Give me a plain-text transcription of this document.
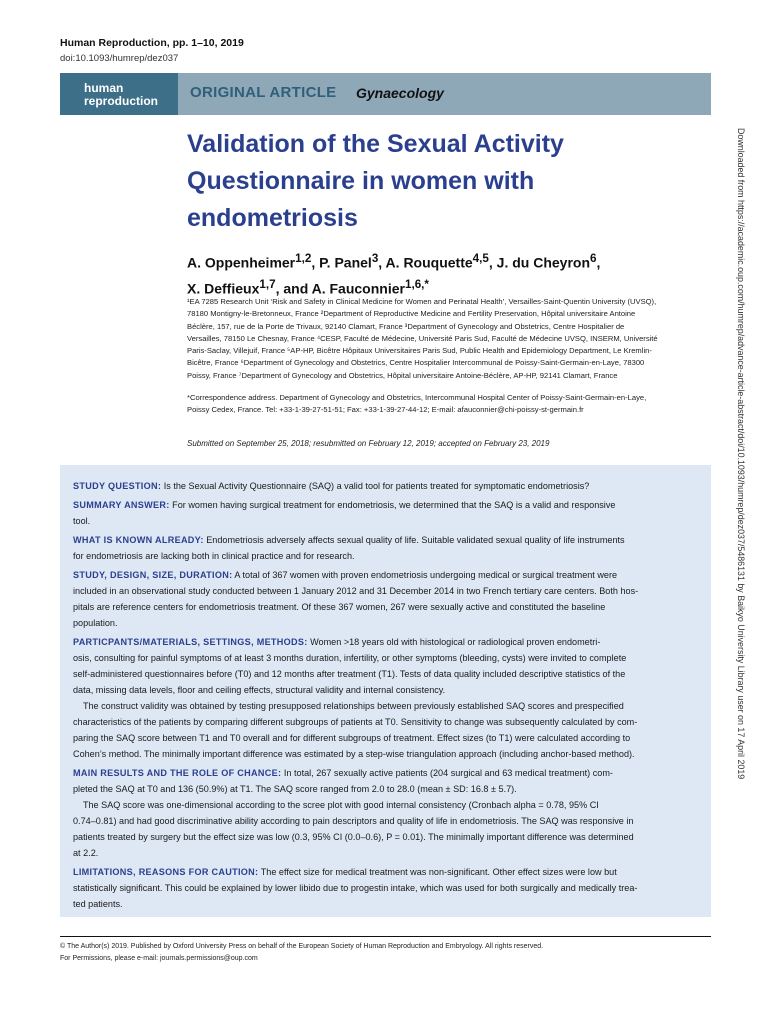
Human Reproduction, pp. 1–10, 2019
doi:10.1093/humrep/dez037
human
reproduction ORIGINAL ARTICLE Gynaecology
Validation of the Sexual Activity
Questionnaire in women with
endometriosis
A. Oppenheimer$^{1,2}$, P. Panel$^3$, A. Rouquette$^{4,5}$, J. du Cheyron$^6$,
X. Deffieux$^{1,7}$, and A. Fauconnier$^{1,6,*}$
¹EA 7285 Research Unit ‘Risk and Safety in Clinical Medicine for Women and Perinatal Health’, Versailles-Saint-Quentin University (UVSQ),
78180 Montigny-le-Bretonneux, France ²Department of Reproductive Medicine and Fertility Preservation, Hôpital universitaire Antoine
Béclère, 157, rue de la Porte de Trivaux, 92140 Clamart, France ³Department of Gynecology and Obstetrics, Centre Hospitalier de
Versailles, 78150 Le Chesnay, France ⁴CESP, Faculté de Médecine, Université Paris Sud, Faculté de Médecine UVSQ, INSERM, Université
Paris-Saclay, Villejuif, France ⁵AP-HP, Bicêtre Hôpitaux Universitaires Paris Sud, Public Health and Epidemiology Department, Le Kremlin-
Bicêtre, France ⁶Department of Gynecology and Obstetrics, Centre Hospitalier Intercommunal de Poissy-Saint-Germain-en-Laye, 78300
Poissy, France ⁷Department of Gynecology and Obstetrics, Hôpital universitaire Antoine-Béclère, AP-HP, 92141 Clamart, France
*Correspondence address. Department of Gynecology and Obstetrics, Intercommunal Hospital Center of Poissy-Saint-Germain-en-Laye,
Poissy Cedex, France. Tel: +33-1-39-27-51-51; Fax: +33-1-39-27-44-12; E-mail: afauconnier@chi-poissy-st-germain.fr
Submitted on September 25, 2018; resubmitted on February 12, 2019; accepted on February 23, 2019
STUDY QUESTION: Is the Sexual Activity Questionnaire (SAQ) a valid tool for patients treated for symptomatic endometriosis?
SUMMARY ANSWER: For women having surgical treatment for endometriosis, we determined that the SAQ is a valid and responsive
tool.
WHAT IS KNOWN ALREADY: Endometriosis adversely affects sexual quality of life. Suitable validated sexual quality of life instruments
for endometriosis are lacking both in clinical practice and for research.
STUDY, DESIGN, SIZE, DURATION: A total of 367 women with proven endometriosis undergoing medical or surgical treatment were
included in an observational study conducted between 1 January 2012 and 31 December 2014 in two French tertiary care centers. Both hos-
pitals are reference centers for endometriosis treatment. Of these 367 women, 267 were sexually active and constituted the baseline
population.
PARTICPANTS/MATERIALS, SETTINGS, METHODS: Women >18 years old with histological or radiological proven endometri-
osis, consulting for painful symptoms of at least 3 months duration, infertility, or other symptoms (bleeding, cysts) were invited to complete
self-administered questionnaires before (T0) and 12 months after treatment (T1). Tests of data quality included descriptive statistics of the
data, missing data levels, floor and ceiling effects, structural validity and internal consistency.
The construct validity was obtained by testing presupposed relationships between previously established SAQ scores and prespecified
characteristics of the patients by comparing different subgroups of patients at T0. Sensitivity to change was subsequently calculated by com-
paring the SAQ score between T1 and T0 overall and for different subgroups of treatment. Effect sizes (to T1) were calculated according to
Cohen’s method. The minimally important difference was estimated by a step-wise triangulation approach (including anchor-based method).
MAIN RESULTS AND THE ROLE OF CHANCE: In total, 267 sexually active patients (204 surgical and 63 medical treatment) com-
pleted the SAQ at T0 and 136 (50.9%) at T1. The SAQ score ranged from 2.0 to 28.0 (mean ± SD: 16.8 ± 5.7).
The SAQ score was one-dimensional according to the scree plot with good internal consistency (Cronbach alpha = 0.78, 95% CI
0.74–0.81) and had good discriminative ability according to pain descriptors and quality of life in endometriosis. The SAQ was responsive in
patients treated by surgery but the effect size was low (0.3, 95% CI (0.0–0.6), P = 0.01). The minimally important difference was determined
at 2.2.
LIMITATIONS, REASONS FOR CAUTION: The effect size for medical treatment was non-significant. Other effect sizes were low but
statistically significant. This could be explained by lower libido due to progestin intake, which was used for both surgically and medically trea-
ted patients.
© The Author(s) 2019. Published by Oxford University Press on behalf of the European Society of Human Reproduction and Embryology. All rights reserved.
For Permissions, please e-mail: journals.permissions@oup.com
Downloaded from https://academic.oup.com/humrep/advance-article-abstract/doi/10.1093/humrep/dez037/5486131 by Baikyo University Library user on 17 April 2019
